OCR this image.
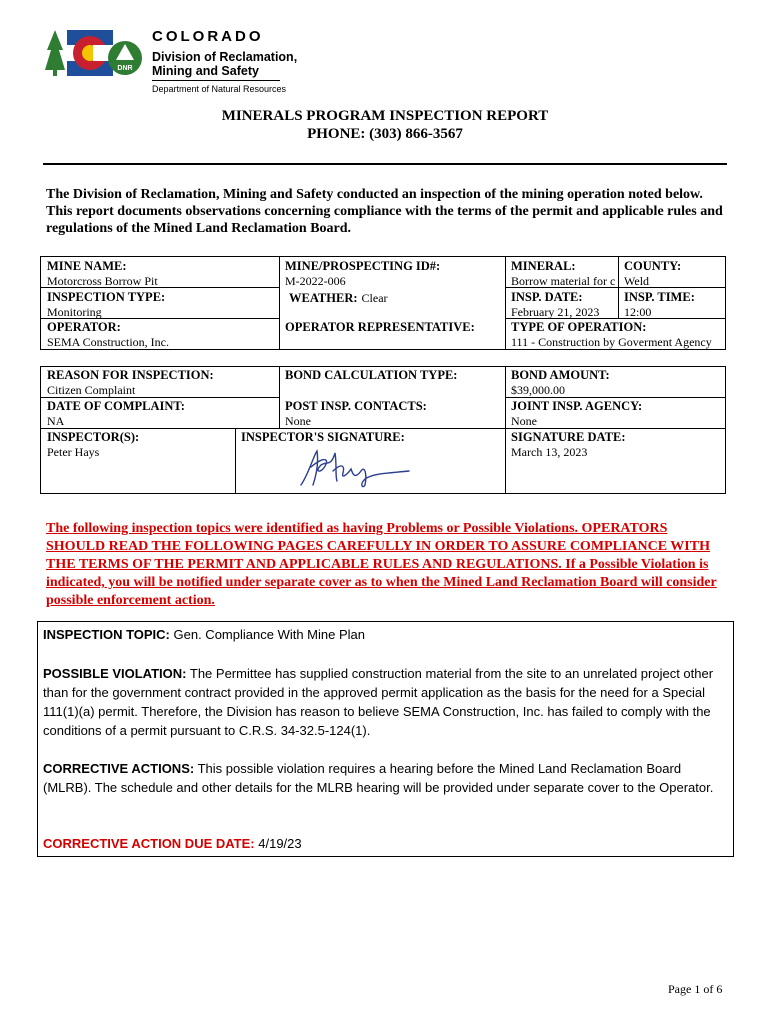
DNR
COLORADO
Division of Reclamation,
Mining and Safety
Department of Natural Resources
MINERALS PROGRAM INSPECTION REPORT
PHONE: (303) 866-3567
The Division of Reclamation, Mining and Safety conducted an inspection of the mining operation noted below. This report documents observations concerning compliance with the terms of the permit and applicable rules and regulations of the Mined Land Reclamation Board.
MINE NAME:
Motorcross Borrow Pit
MINE/PROSPECTING ID#:
M-2022-006
MINERAL:
Borrow material for c
COUNTY:
Weld
INSPECTION TYPE:
Monitoring
WEATHER: Clear	INSP. DATE:
February 21, 2023
INSP. TIME:
12:00
OPERATOR:
SEMA Construction, Inc.
OPERATOR REPRESENTATIVE:	TYPE OF OPERATION:
111 - Construction by Goverment Agency
REASON FOR INSPECTION:
Citizen Complaint
BOND CALCULATION TYPE:	BOND AMOUNT:
$39,000.00
DATE OF COMPLAINT:
NA
POST INSP. CONTACTS:
None
JOINT INSP. AGENCY:
None
INSPECTOR(S):
Peter Hays
INSPECTOR'S SIGNATURE:	SIGNATURE DATE:
March 13, 2023
The following inspection topics were identified as having Problems or Possible Violations. OPERATORS SHOULD READ THE FOLLOWING PAGES CAREFULLY IN ORDER TO ASSURE COMPLIANCE WITH THE TERMS OF THE PERMIT AND APPLICABLE RULES AND REGULATIONS. If a Possible Violation is indicated, you will be notified under separate cover as to when the Mined Land Reclamation Board will consider possible enforcement action.
INSPECTION TOPIC: Gen. Compliance With Mine Plan
POSSIBLE VIOLATION: The Permittee has supplied construction material from the site to an unrelated project other than for the government contract provided in the approved permit application as the basis for the need for a Special 111(1)(a) permit. Therefore, the Division has reason to believe SEMA Construction, Inc. has failed to comply with the conditions of a permit pursuant to C.R.S. 34-32.5-124(1).
CORRECTIVE ACTIONS: This possible violation requires a hearing before the Mined Land Reclamation Board (MLRB). The schedule and other details for the MLRB hearing will be provided under separate cover to the Operator.
CORRECTIVE ACTION DUE DATE: 4/19/23
Page 1 of 6
